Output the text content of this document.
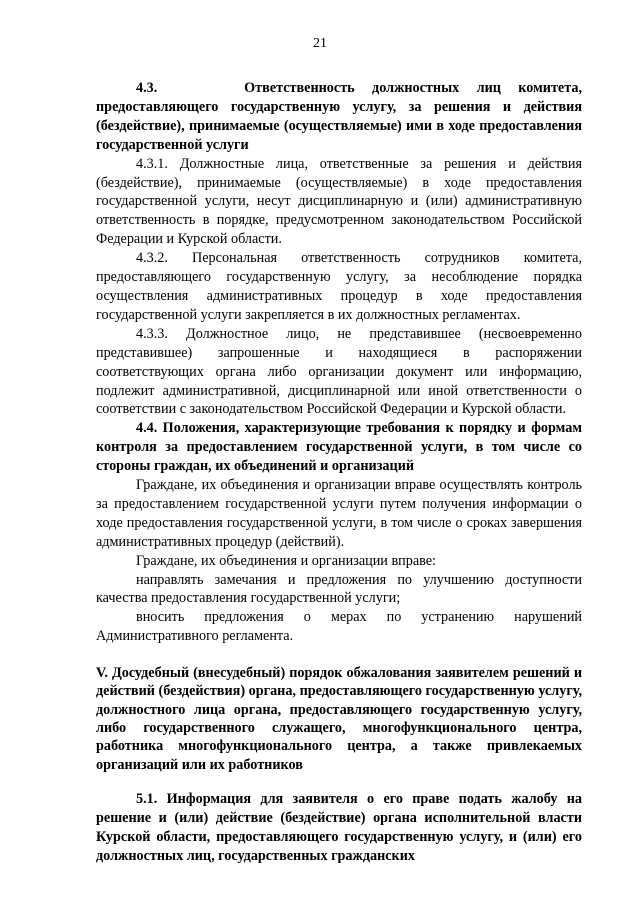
21

4.3.     Ответственность должностных лиц комитета, предоставляющего государственную услугу, за решения и действия (бездействие), принимаемые (осуществляемые) ими в ходе предоставления государственной услуги

4.3.1. Должностные лица, ответственные за решения и действия (бездействие), принимаемые (осуществляемые) в ходе предоставления государственной услуги, несут дисциплинарную и (или) административную ответственность в порядке, предусмотренном законодательством Российской Федерации и Курской области.

4.3.2. Персональная ответственность сотрудников комитета, предоставляющего государственную услугу, за несоблюдение порядка осуществления административных процедур в ходе предоставления государственной услуги закрепляется в их должностных регламентах.

4.3.3. Должностное лицо, не представившее (несвоевременно представившее) запрошенные и находящиеся в распоряжении соответствующих органа либо организации документ или информацию, подлежит административной, дисциплинарной или иной ответственности о соответствии с законодательством Российской Федерации и Курской области.

4.4. Положения, характеризующие требования к порядку и формам контроля за предоставлением государственной услуги, в том числе со стороны граждан, их объединений и организаций

Граждане, их объединения и организации вправе осуществлять контроль за предоставлением государственной услуги путем получения информации о ходе предоставления государственной услуги, в том числе о сроках завершения административных процедур (действий).

Граждане, их объединения и организации вправе:

направлять замечания и предложения по улучшению доступности качества предоставления государственной услуги;

вносить предложения о мерах по устранению нарушений Административного регламента.

V. Досудебный (внесудебный) порядок обжалования заявителем решений и действий (бездействия) органа, предоставляющего государственную услугу, должностного лица органа, предоставляющего государственную услугу, либо государственного служащего, многофункционального центра, работника многофункционального центра, а также привлекаемых организаций или их работников

5.1. Информация для заявителя о его праве подать жалобу на решение и (или) действие (бездействие) органа исполнительной власти Курской области, предоставляющего государственную услугу, и (или) его должностных лиц, государственных гражданских
